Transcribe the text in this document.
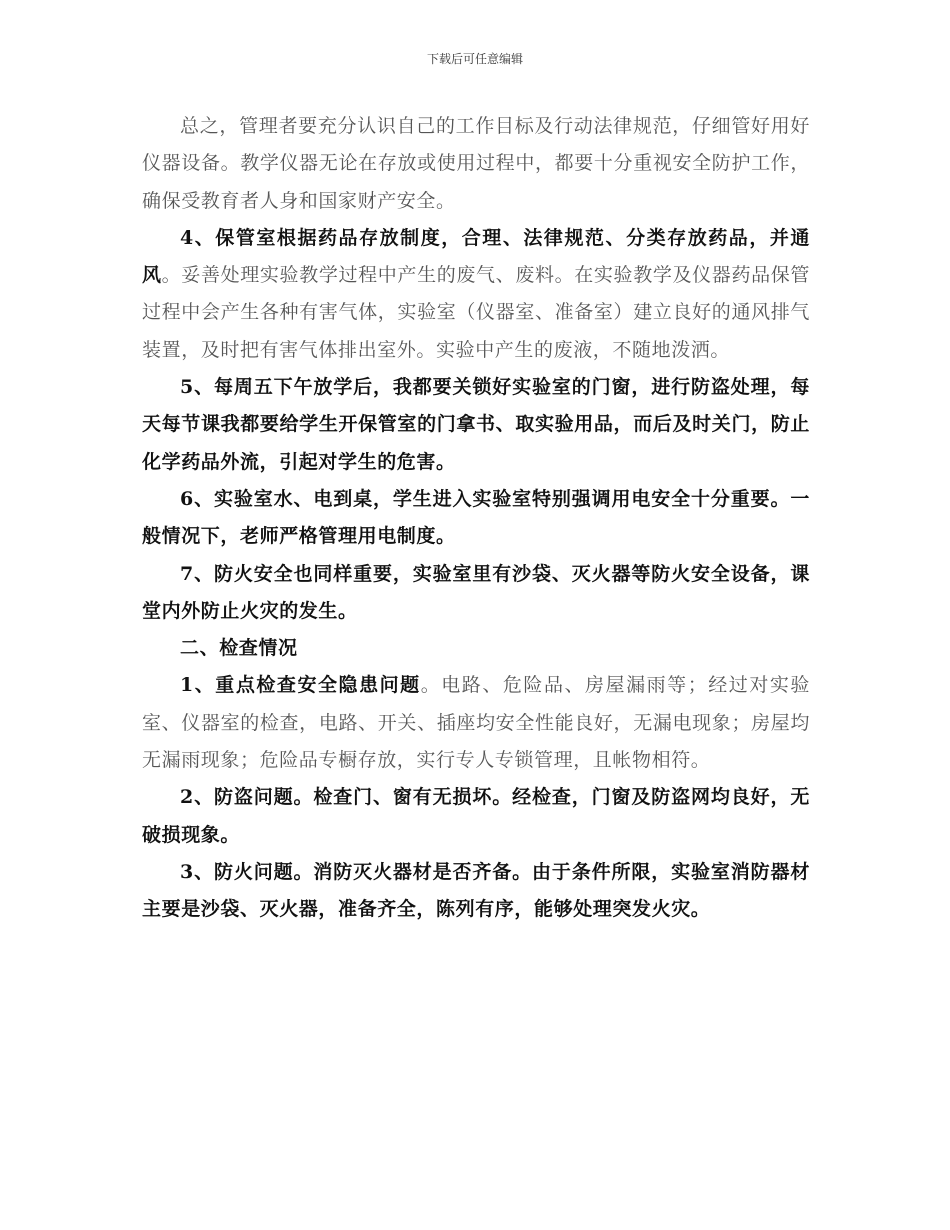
下载后可任意编辑

总之，管理者要充分认识自己的工作目标及行动法律规范，仔细管好用好仪器设备。教学仪器无论在存放或使用过程中，都要十分重视安全防护工作，确保受教育者人身和国家财产安全。

4、保管室根据药品存放制度，合理、法律规范、分类存放药品，并通风。妥善处理实验教学过程中产生的废气、废料。在实验教学及仪器药品保管过程中会产生各种有害气体，实验室（仪器室、准备室）建立良好的通风排气装置，及时把有害气体排出室外。实验中产生的废液，不随地泼洒。

5、每周五下午放学后，我都要关锁好实验室的门窗，进行防盗处理，每天每节课我都要给学生开保管室的门拿书、取实验用品，而后及时关门，防止化学药品外流，引起对学生的危害。

6、实验室水、电到桌，学生进入实验室特别强调用电安全十分重要。一般情况下，老师严格管理用电制度。

7、防火安全也同样重要，实验室里有沙袋、灭火器等防火安全设备，课堂内外防止火灾的发生。

二、检查情况

1、重点检查安全隐患问题。电路、危险品、房屋漏雨等；经过对实验室、仪器室的检查，电路、开关、插座均安全性能良好，无漏电现象；房屋均无漏雨现象；危险品专橱存放，实行专人专锁管理，且帐物相符。

2、防盗问题。检查门、窗有无损坏。经检查，门窗及防盗网均良好，无破损现象。

3、防火问题。消防灭火器材是否齐备。由于条件所限，实验室消防器材主要是沙袋、灭火器，准备齐全，陈列有序，能够处理突发火灾。
